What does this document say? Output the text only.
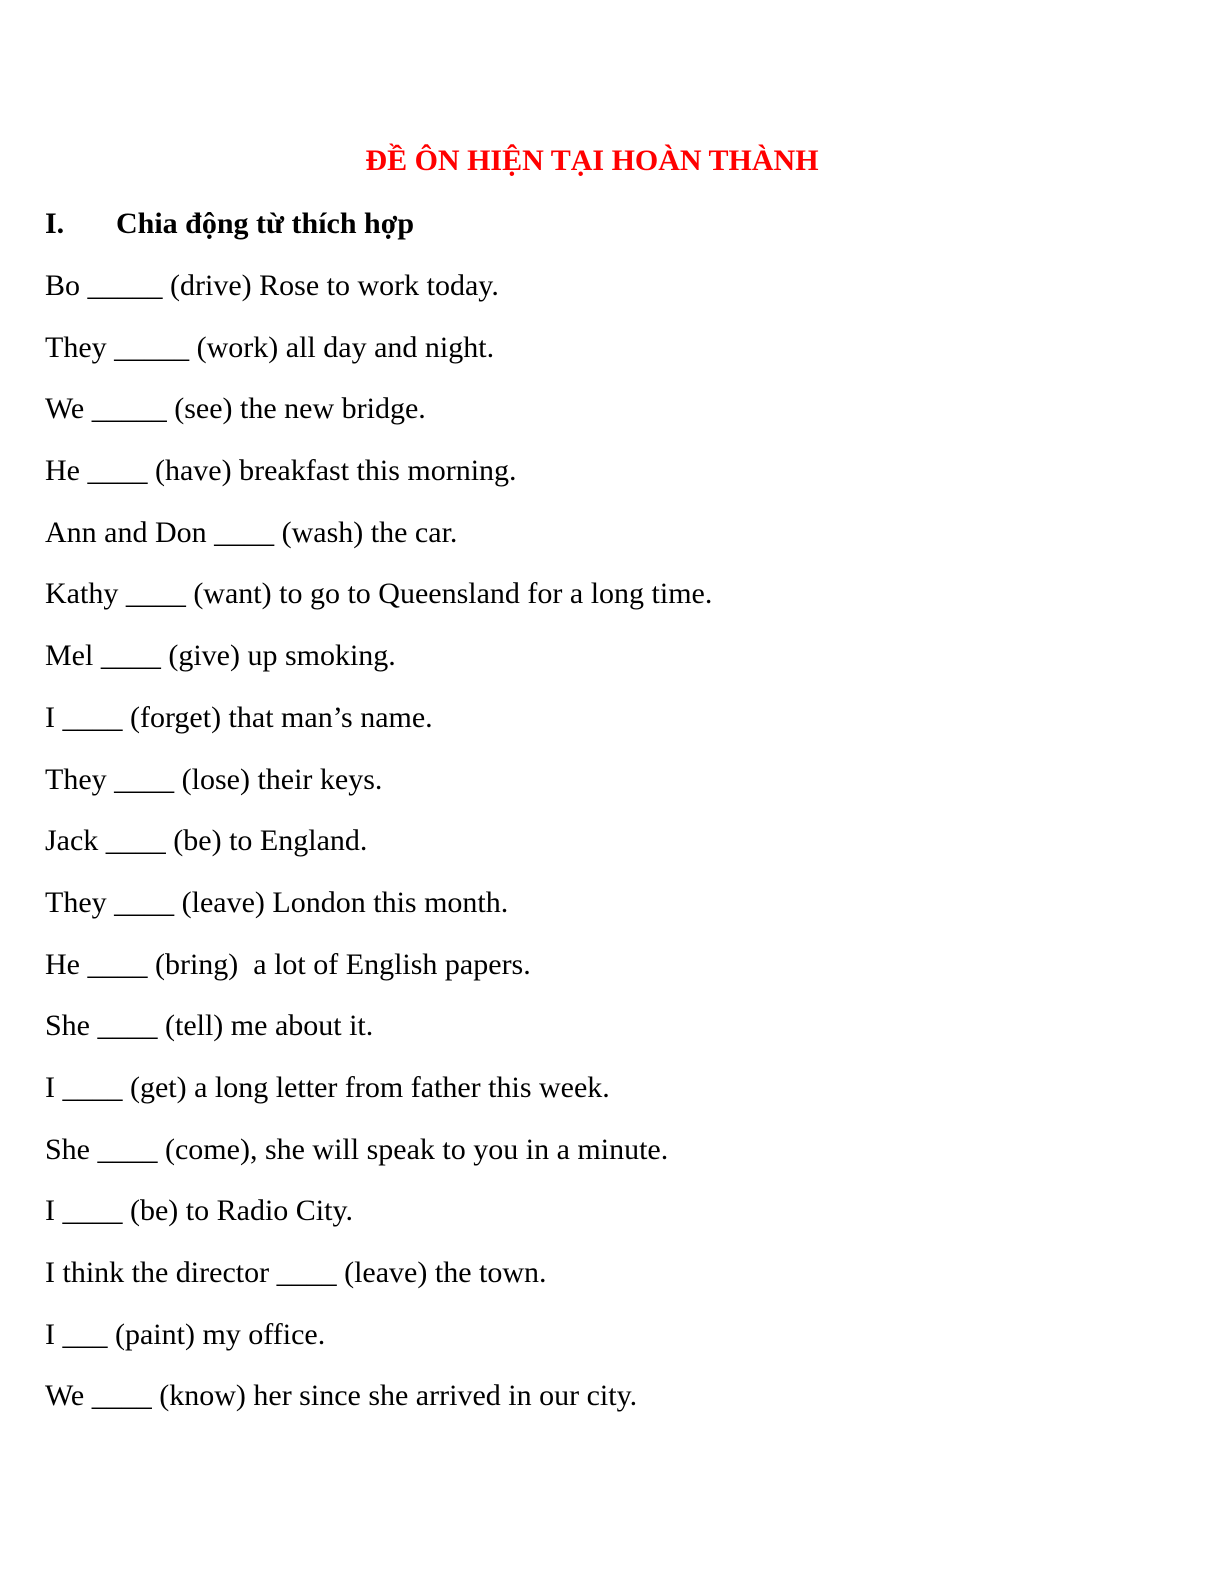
ĐỀ ÔN HIỆN TẠI HOÀN THÀNH
I. Chia động từ thích hợp
Bo _____ (drive) Rose to work today.
They _____ (work) all day and night.
We _____ (see) the new bridge.
He ____ (have) breakfast this morning.
Ann and Don ____ (wash) the car.
Kathy ____ (want) to go to Queensland for a long time.
Mel ____ (give) up smoking.
I ____ (forget) that man’s name.
They ____ (lose) their keys.
Jack ____ (be) to England.
They ____ (leave) London this month.
He ____ (bring)  a lot of English papers.
She ____ (tell) me about it.
I ____ (get) a long letter from father this week.
She ____ (come), she will speak to you in a minute.
I ____ (be) to Radio City.
I think the director ____ (leave) the town.
I ___ (paint) my office.
We ____ (know) her since she arrived in our city.
